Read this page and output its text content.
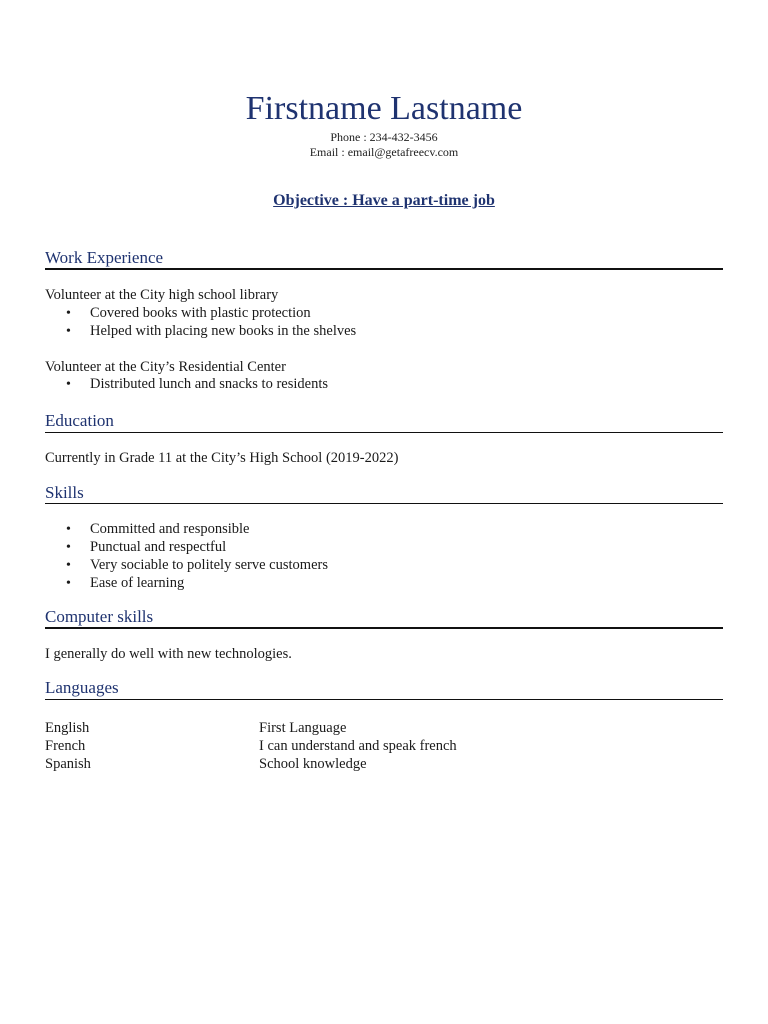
Firstname Lastname
Phone : 234-432-3456
Email : email@getafreecv.com
Objective : Have a part-time job
Work Experience
Volunteer at the City high school library
• Covered books with plastic protection
• Helped with placing new books in the shelves
Volunteer at the City’s Residential Center
• Distributed lunch and snacks to residents
Education
Currently in Grade 11 at the City’s High School (2019-2022)
Skills
• Committed and responsible
• Punctual and respectful
• Very sociable to politely serve customers
• Ease of learning
Computer skills
I generally do well with new technologies.
Languages
English	First Language
French	I can understand and speak french
Spanish	School knowledge
